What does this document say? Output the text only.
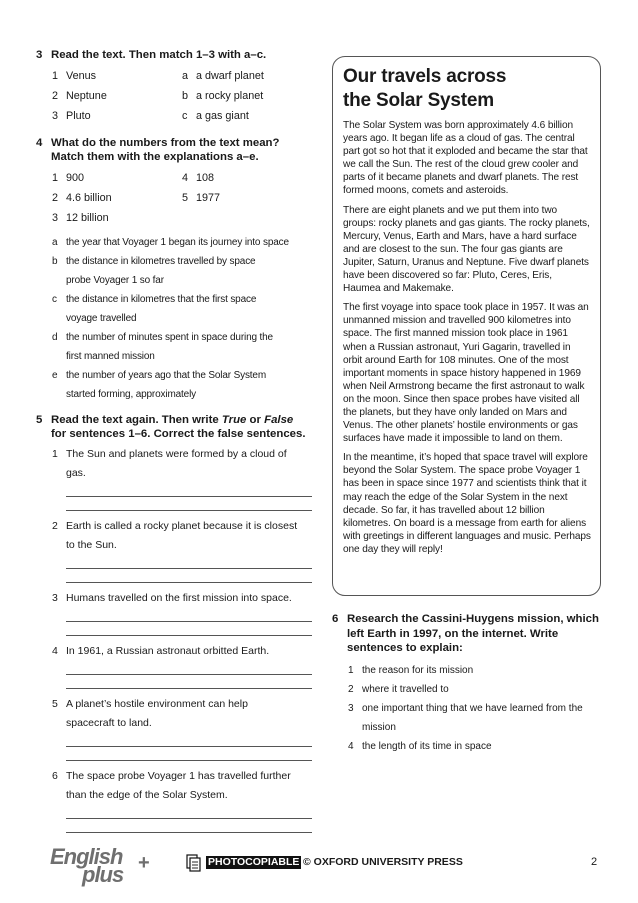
3 Read the text. Then match 1–3 with a–c.
1 Venus	a a dwarf planet
2 Neptune	b a rocky planet
3 Pluto	c a gas giant
4 What do the numbers from the text mean? Match them with the explanations a–e.
1 900	4 108
2 4.6 billion	5 1977
3 12 billion
a the year that Voyager 1 began its journey into space
b the distance in kilometres travelled by space
probe Voyager 1 so far
c the distance in kilometres that the first space
voyage travelled
d the number of minutes spent in space during the
first manned mission
e the number of years ago that the Solar System
started forming, approximately
5 Read the text again. Then write True or False for sentences 1–6. Correct the false sentences.
1 The Sun and planets were formed by a cloud of
gas.
2 Earth is called a rocky planet because it is closest
to the Sun.
3 Humans travelled on the first mission into space.
4 In 1961, a Russian astronaut orbitted Earth.
5 A planet’s hostile environment can help
spacecraft to land.
6 The space probe Voyager 1 has travelled further
than the edge of the Solar System.
Our travels across
the Solar System

The Solar System was born approximately 4.6 billion years ago. It began life as a cloud of gas. The central part got so hot that it exploded and became the star that we call the Sun. The rest of the cloud grew cooler and parts of it became planets and dwarf planets. The rest formed moons, comets and asteroids.

There are eight planets and we put them into two groups: rocky planets and gas giants. The rocky planets, Mercury, Venus, Earth and Mars, have a hard surface and are closest to the sun. The four gas giants are Jupiter, Saturn, Uranus and Neptune. Five dwarf planets have been discovered so far: Pluto, Ceres, Eris, Haumea and Makemake.

The first voyage into space took place in 1957. It was an unmanned mission and travelled 900 kilometres into space. The first manned mission took place in 1961 when a Russian astronaut, Yuri Gagarin, travelled in orbit around Earth for 108 minutes. One of the most important moments in space history happened in 1969 when Neil Armstrong became the first astronaut to walk on the moon. Since then space probes have visited all the planets, but they have only landed on Mars and Venus. The other planets’ hostile environments or gas surfaces have made it impossible to land on them.

In the meantime, it’s hoped that space travel will explore beyond the Solar System. The space probe Voyager 1 has been in space since 1977 and scientists think that it may reach the edge of the Solar System in the next decade. So far, it has travelled about 12 billion kilometres. On board is a message from earth for aliens with greetings in different languages and music. Perhaps one day they will reply!

6 Research the Cassini-Huygens mission, which left Earth in 1997, on the internet. Write sentences to explain:
1 the reason for its mission
2 where it travelled to
3 one important thing that we have learned from the
mission
4 the length of its time in space
English
plus +	PHOTOCOPIABLE © OXFORD UNIVERSITY PRESS	2
